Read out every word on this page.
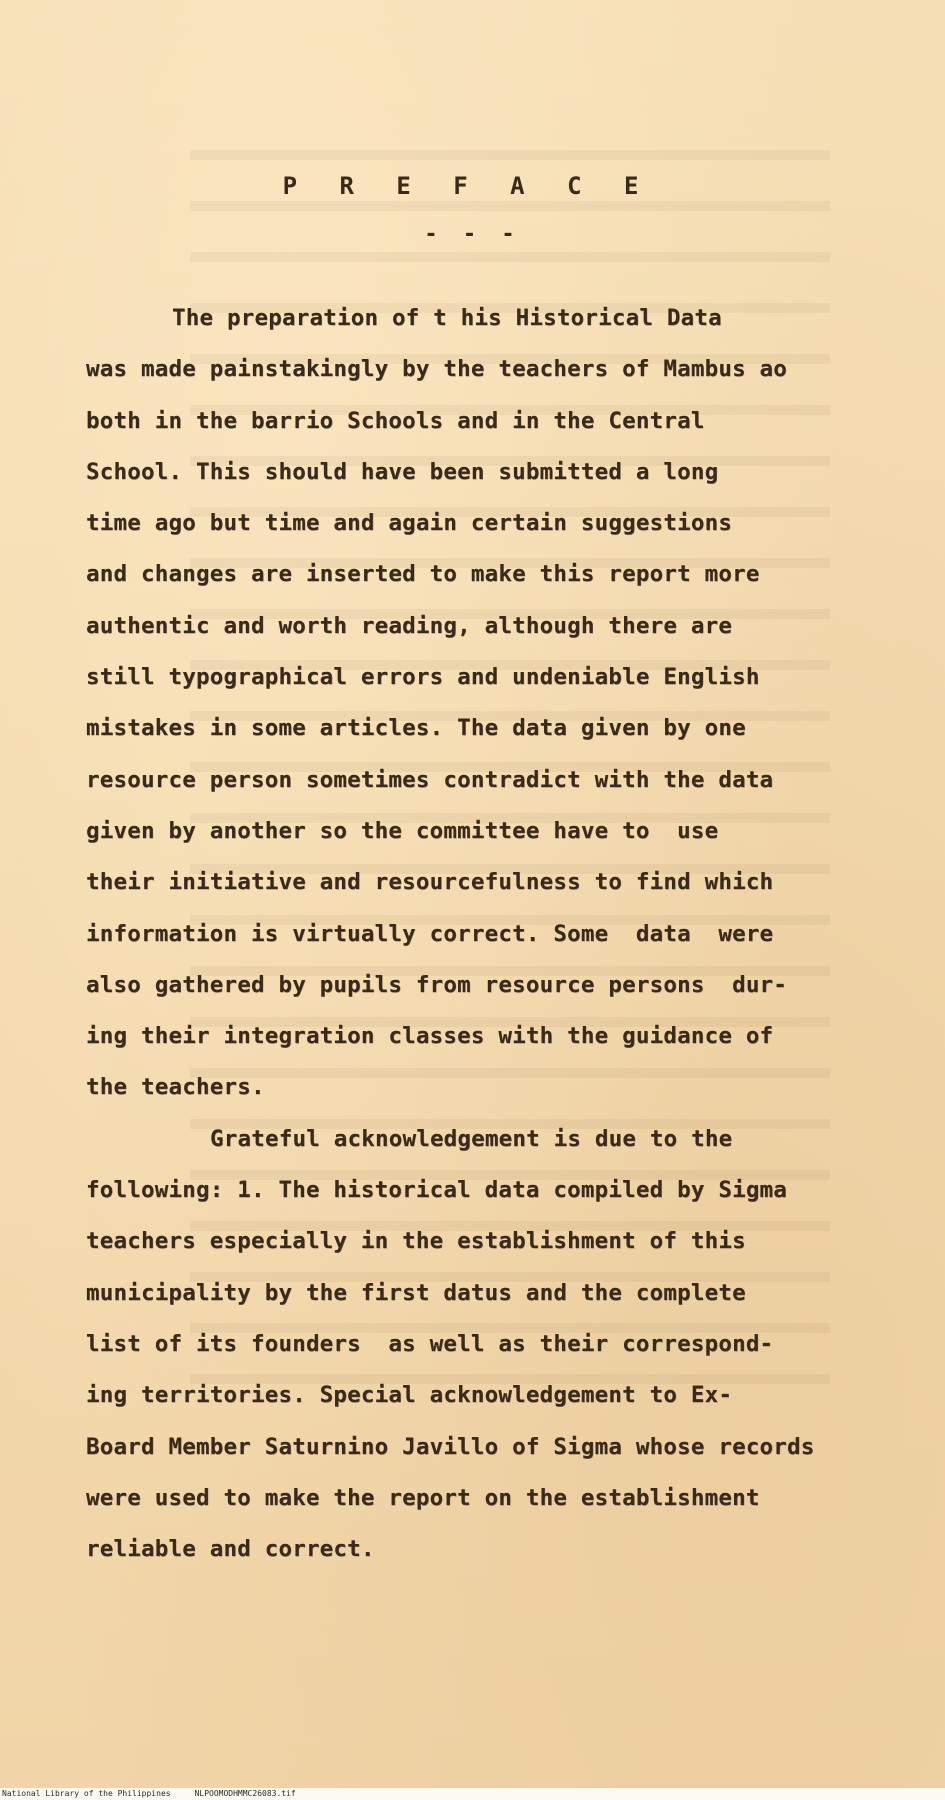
P R E F A C E
- - -
The preparation of t his Historical Data
was made painstakingly by the teachers of Mambus ao
both in the barrio Schools and in the Central
School. This should have been submitted a long
time ago but time and again certain suggestions
and changes are inserted to make this report more
authentic and worth reading, although there are
still typographical errors and undeniable English
mistakes in some articles. The data given by one
resource person sometimes contradict with the data
given by another so the committee have to  use
their initiative and resourcefulness to find which
information is virtually correct. Some  data  were
also gathered by pupils from resource persons  dur-
ing their integration classes with the guidance of
the teachers.
Grateful acknowledgement is due to the
following: 1. The historical data compiled by Sigma
teachers especially in the establishment of this
municipality by the first datus and the complete
list of its founders  as well as their correspond-
ing territories. Special acknowledgement to Ex-
Board Member Saturnino Javillo of Sigma whose records
were used to make the report on the establishment
reliable and correct.
National Library of the Philippines	NLPOOMODHMMC26083.tif
